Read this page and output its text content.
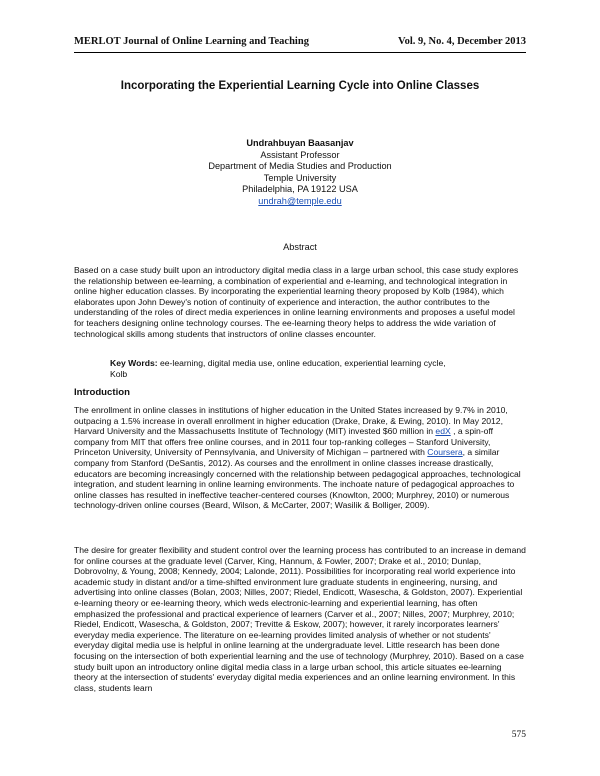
MERLOT Journal of Online Learning and Teaching	Vol. 9, No. 4, December 2013
Incorporating the Experiential Learning Cycle into Online Classes
Undrahbuyan Baasanjav
Assistant Professor
Department of Media Studies and Production
Temple University
Philadelphia, PA 19122 USA
undrah@temple.edu
Abstract

Based on a case study built upon an introductory digital media class in a large urban school, this case study explores the relationship between ee-learning, a combination of experiential and e-learning, and technological integration in online higher education classes. By incorporating the experiential learning theory proposed by Kolb (1984), which elaborates upon John Dewey's notion of continuity of experience and interaction, the author contributes to the understanding of the roles of direct media experiences in online learning environments and proposes a useful model for teachers designing online technology courses. The ee-learning theory helps to address the wide variation of technological skills among students that instructors of online classes encounter.

Key Words: ee-learning, digital media use, online education, experiential learning cycle, Kolb

Introduction

The enrollment in online classes in institutions of higher education in the United States increased by 9.7% in 2010, outpacing a 1.5% increase in overall enrollment in higher education (Drake, Drake, & Ewing, 2010). In May 2012, Harvard University and the Massachusetts Institute of Technology (MIT) invested $60 million in edX , a spin-off company from MIT that offers free online courses, and in 2011 four top-ranking colleges – Stanford University, Princeton University, University of Pennsylvania, and University of Michigan – partnered with Coursera, a similar company from Stanford (DeSantis, 2012). As courses and the enrollment in online classes increase drastically, educators are becoming increasingly concerned with the relationship between pedagogical approaches, technological integration, and student learning in online learning environments. The inchoate nature of pedagogical approaches to online classes has resulted in ineffective teacher-centered courses (Knowlton, 2000; Murphrey, 2010) or numerous technology-driven online courses (Beard, Wilson, & McCarter, 2007; Wasilik & Bolliger, 2009).

The desire for greater flexibility and student control over the learning process has contributed to an increase in demand for online courses at the graduate level (Carver, King, Hannum, & Fowler, 2007; Drake et al., 2010; Dunlap, Dobrovolny, & Young, 2008; Kennedy, 2004; Lalonde, 2011). Possibilities for incorporating real world experience into academic study in distant and/or a time-shifted environment lure graduate students in engineering, nursing, and advertising into online classes (Bolan, 2003; Nilles, 2007; Riedel, Endicott, Wasescha, & Goldston, 2007). Experiential e-learning theory or ee-learning theory, which weds electronic-learning and experiential learning, has often emphasized the professional and practical experience of learners (Carver et al., 2007; Nilles, 2007; Murphrey, 2010; Riedel, Endicott, Wasescha, & Goldston, 2007; Trevitte & Eskow, 2007); however, it rarely incorporates learners' everyday media experience. The literature on ee-learning provides limited analysis of whether or not students' everyday digital media use is helpful in online learning at the undergraduate level. Little research has been done focusing on the intersection of both experiential learning and the use of technology (Murphrey, 2010). Based on a case study built upon an introductory online digital media class in a large urban school, this article situates ee-learning theory at the intersection of students' everyday digital media experiences and an online learning environment. In this class, students learn

575
